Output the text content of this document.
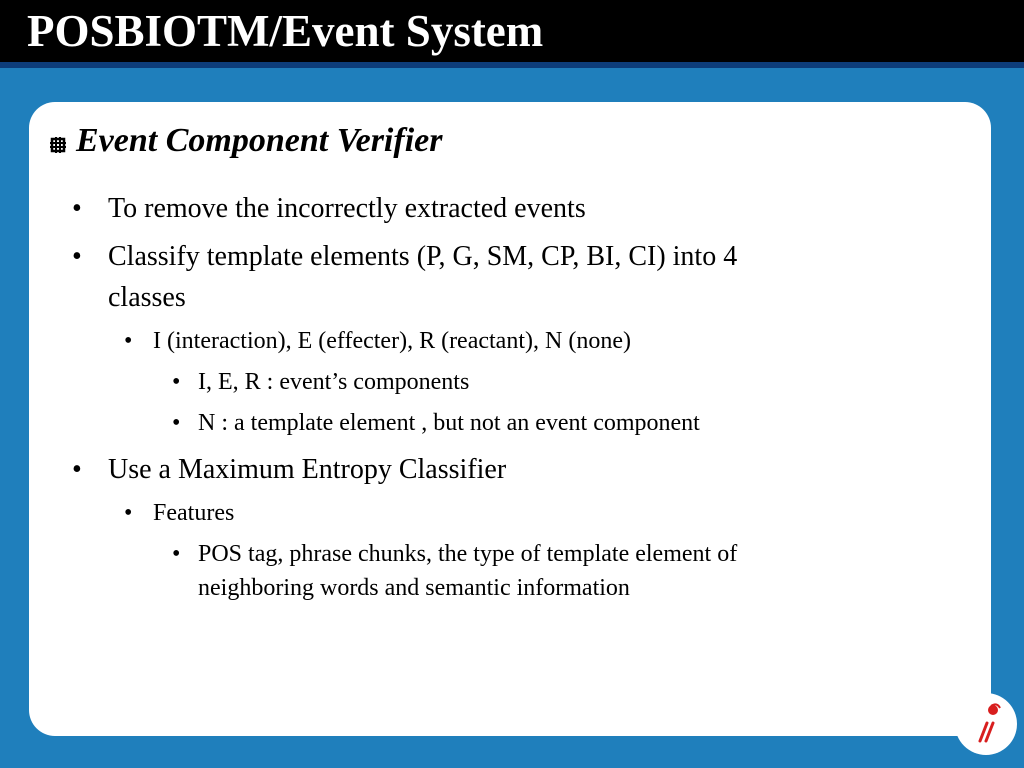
POSBIOTM/Event System
Event Component Verifier
• To remove the incorrectly extracted events
• Classify template elements (P, G, SM, CP, BI, CI) into 4
classes
• I (interaction), E (effecter), R (reactant), N (none)
• I, E, R : event’s components
• N : a template element , but not an event component
• Use a Maximum Entropy Classifier
• Features
• POS tag, phrase chunks, the type of template element of
neighboring words and semantic information
